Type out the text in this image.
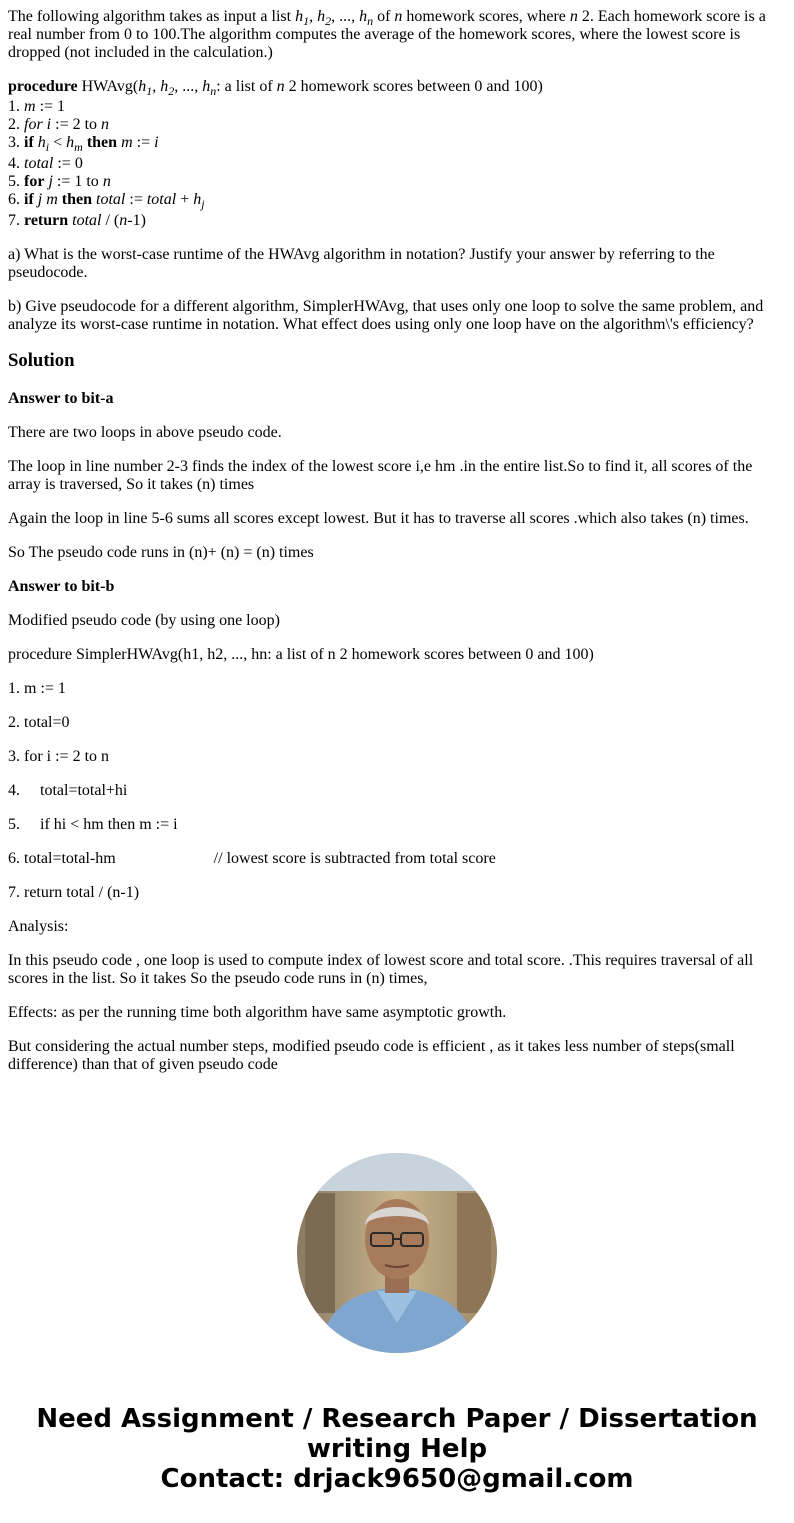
The following algorithm takes as input a list $h_1$, $h_2$, ..., $h_n$ of n homework scores, where n 2. Each homework score is a real number from 0 to 100.The algorithm computes the average of the homework scores, where the lowest score is dropped (not included in the calculation.)

procedure $HWAvg(h_1$, $h_2$, ..., $h_n$: a list of n 2 homework scores between 0 and 100)

1. m := 1

2. for i := 2 to n

3. if $h_i < h_m$ then m := i

4. total := 0

5. for j := 1 to n

6. if j m then total := total + $h_j$

7. return total / (n-1)

a) What is the worst-case runtime of the HWAvg algorithm in notation? Justify your answer by referring to the pseudocode.

b) Give pseudocode for a different algorithm, SimplerHWAvg, that uses only one loop to solve the same problem, and analyze its worst-case runtime in notation. What effect does using only one loop have on the algorithm\'s efficiency?

Solution

Answer to bit-a

There are two loops in above pseudo code.

The loop in line number 2-3 finds the index of the lowest score i,e hm .in the entire list.So to find it, all scores of the array is traversed, So it takes (n) times

Again the loop in line 5-6 sums all scores except lowest. But it has to traverse all scores .which also takes (n) times.

So The pseudo code runs in (n)+ (n) = (n) times

Answer to bit-b

Modified pseudo code (by using one loop)

procedure SimplerHWAvg(h1, h2, ..., hn: a list of n 2 homework scores between 0 and 100)

1. m := 1

2. total=0

3. for i := 2 to n

4. total=total+hi

5. if hi < hm then m := i

6. total=total-hm	// lowest score is subtracted from total score

7. return total / (n-1)

Analysis:

In this pseudo code , one loop is used to compute index of lowest score and total score. .This requires traversal of all scores in the list. So it takes So the pseudo code runs in (n) times,

Effects: as per the running time both algorithm have same asymptotic growth.

But considering the actual number steps, modified pseudo code is efficient , as it takes less number of steps(small difference) than that of given pseudo code

Need Assignment / Research Paper / Dissertation
writing Help
Contact: drjack9650@gmail.com
